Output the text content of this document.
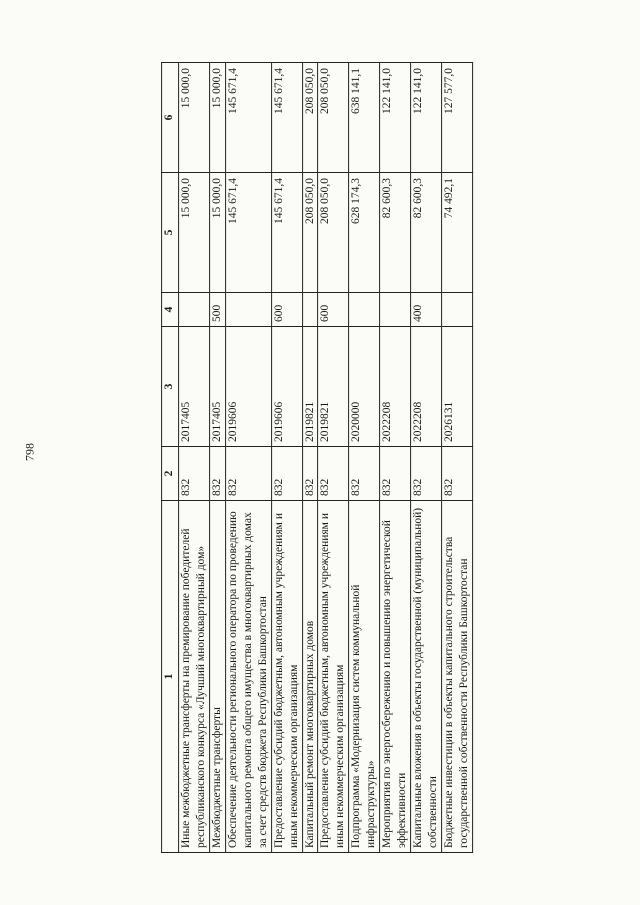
798
1	2	3	4	5	6
Иные межбюджетные трансферты на премирование победителей республиканского конкурса «Лучший многоквартирный дом»	832	2017405		15 000,0	15 000,0
Межбюджетные трансферты	832	2017405	500	15 000,0	15 000,0
Обеспечение деятельности регионального оператора по проведению капитального ремонта общего имущества в многоквартирных домах за счет средств бюджета Республики Башкортостан	832	2019606		145 671,4	145 671,4
Предоставление субсидий бюджетным, автономным учреждениям и иным некоммерческим организациям	832	2019606	600	145 671,4	145 671,4
Капитальный ремонт многоквартирных домов	832	2019821		208 050,0	208 050,0
Предоставление субсидий бюджетным, автономным учреждениям и иным некоммерческим организациям	832	2019821	600	208 050,0	208 050,0
Подпрограмма «Модернизация систем коммунальной инфраструктуры»	832	2020000		628 174,3	638 141,1
Мероприятия по энергосбережению и повышению энергетической эффективности	832	2022208		82 600,3	122 141,0
Капитальные вложения в объекты государственной (муниципальной) собственности	832	2022208	400	82 600,3	122 141,0
Бюджетные инвестиции в объекты капитального строительства государственной собственности Республики Башкортостан	832	2026131		74 492,1	127 577,0
